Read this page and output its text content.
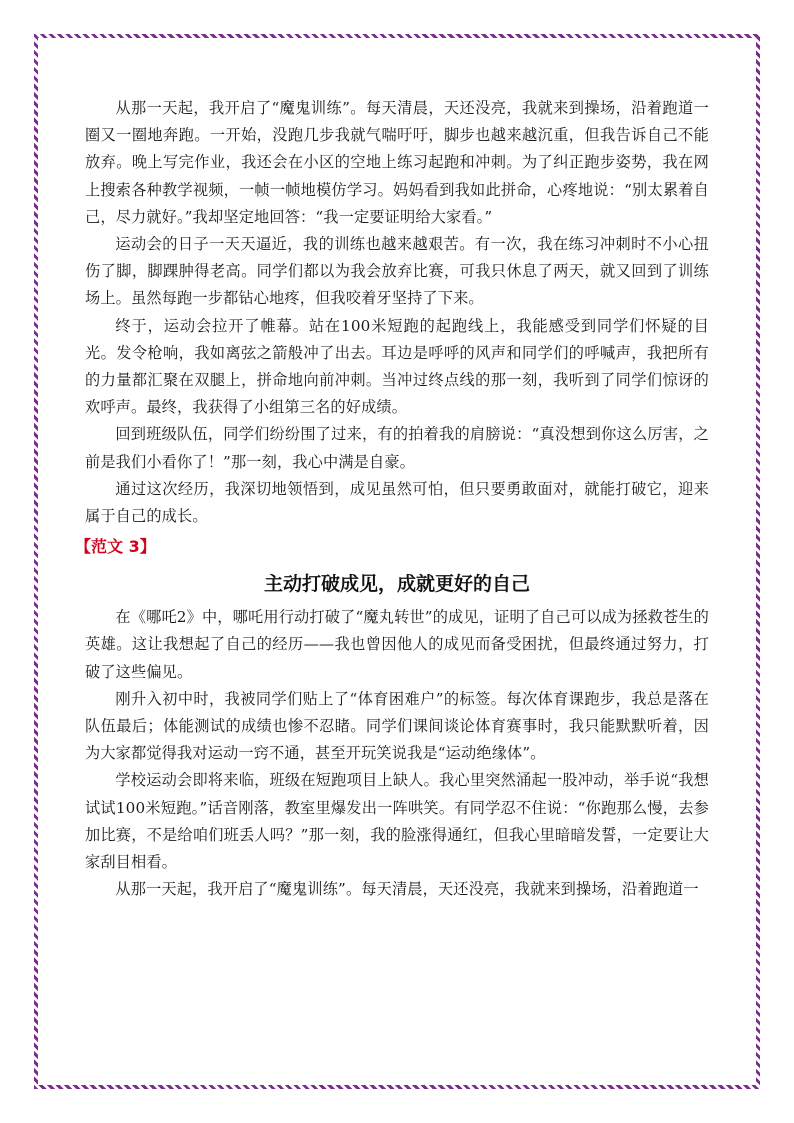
从那一天起，我开启了“魔鬼训练”。每天清晨，天还没亮，我就来到操场，沿着跑道一圈又一圈地奔跑。一开始，没跑几步我就气喘吁吁，脚步也越来越沉重，但我告诉自己不能放弃。晚上写完作业，我还会在小区的空地上练习起跑和冲刺。为了纠正跑步姿势，我在网上搜索各种教学视频，一帧一帧地模仿学习。妈妈看到我如此拼命，心疼地说：“别太累着自己，尽力就好。”我却坚定地回答：“我一定要证明给大家看。”

运动会的日子一天天逼近，我的训练也越来越艰苦。有一次，我在练习冲刺时不小心扭伤了脚，脚踝肿得老高。同学们都以为我会放弃比赛，可我只休息了两天，就又回到了训练场上。虽然每跑一步都钻心地疼，但我咬着牙坚持了下来。

终于，运动会拉开了帷幕。站在100米短跑的起跑线上，我能感受到同学们怀疑的目光。发令枪响，我如离弦之箭般冲了出去。耳边是呼呼的风声和同学们的呼喊声，我把所有的力量都汇聚在双腿上，拼命地向前冲刺。当冲过终点线的那一刻，我听到了同学们惊讶的欢呼声。最终，我获得了小组第三名的好成绩。

回到班级队伍，同学们纷纷围了过来，有的拍着我的肩膀说：“真没想到你这么厉害，之前是我们小看你了！”那一刻，我心中满是自豪。

通过这次经历，我深切地领悟到，成见虽然可怕，但只要勇敢面对，就能打破它，迎来属于自己的成长。

【范文 3】
主动打破成见，成就更好的自己

在《哪吒2》中，哪吒用行动打破了“魔丸转世”的成见，证明了自己可以成为拯救苍生的英雄。这让我想起了自己的经历——我也曾因他人的成见而备受困扰，但最终通过努力，打破了这些偏见。

刚升入初中时，我被同学们贴上了“体育困难户”的标签。每次体育课跑步，我总是落在队伍最后；体能测试的成绩也惨不忍睹。同学们课间谈论体育赛事时，我只能默默听着，因为大家都觉得我对运动一窍不通，甚至开玩笑说我是“运动绝缘体”。

学校运动会即将来临，班级在短跑项目上缺人。我心里突然涌起一股冲动，举手说“我想试试100米短跑。”话音刚落，教室里爆发出一阵哄笑。有同学忍不住说：“你跑那么慢，去参加比赛，不是给咱们班丢人吗？”那一刻，我的脸涨得通红，但我心里暗暗发誓，一定要让大家刮目相看。

从那一天起，我开启了“魔鬼训练”。每天清晨，天还没亮，我就来到操场，沿着跑道一
